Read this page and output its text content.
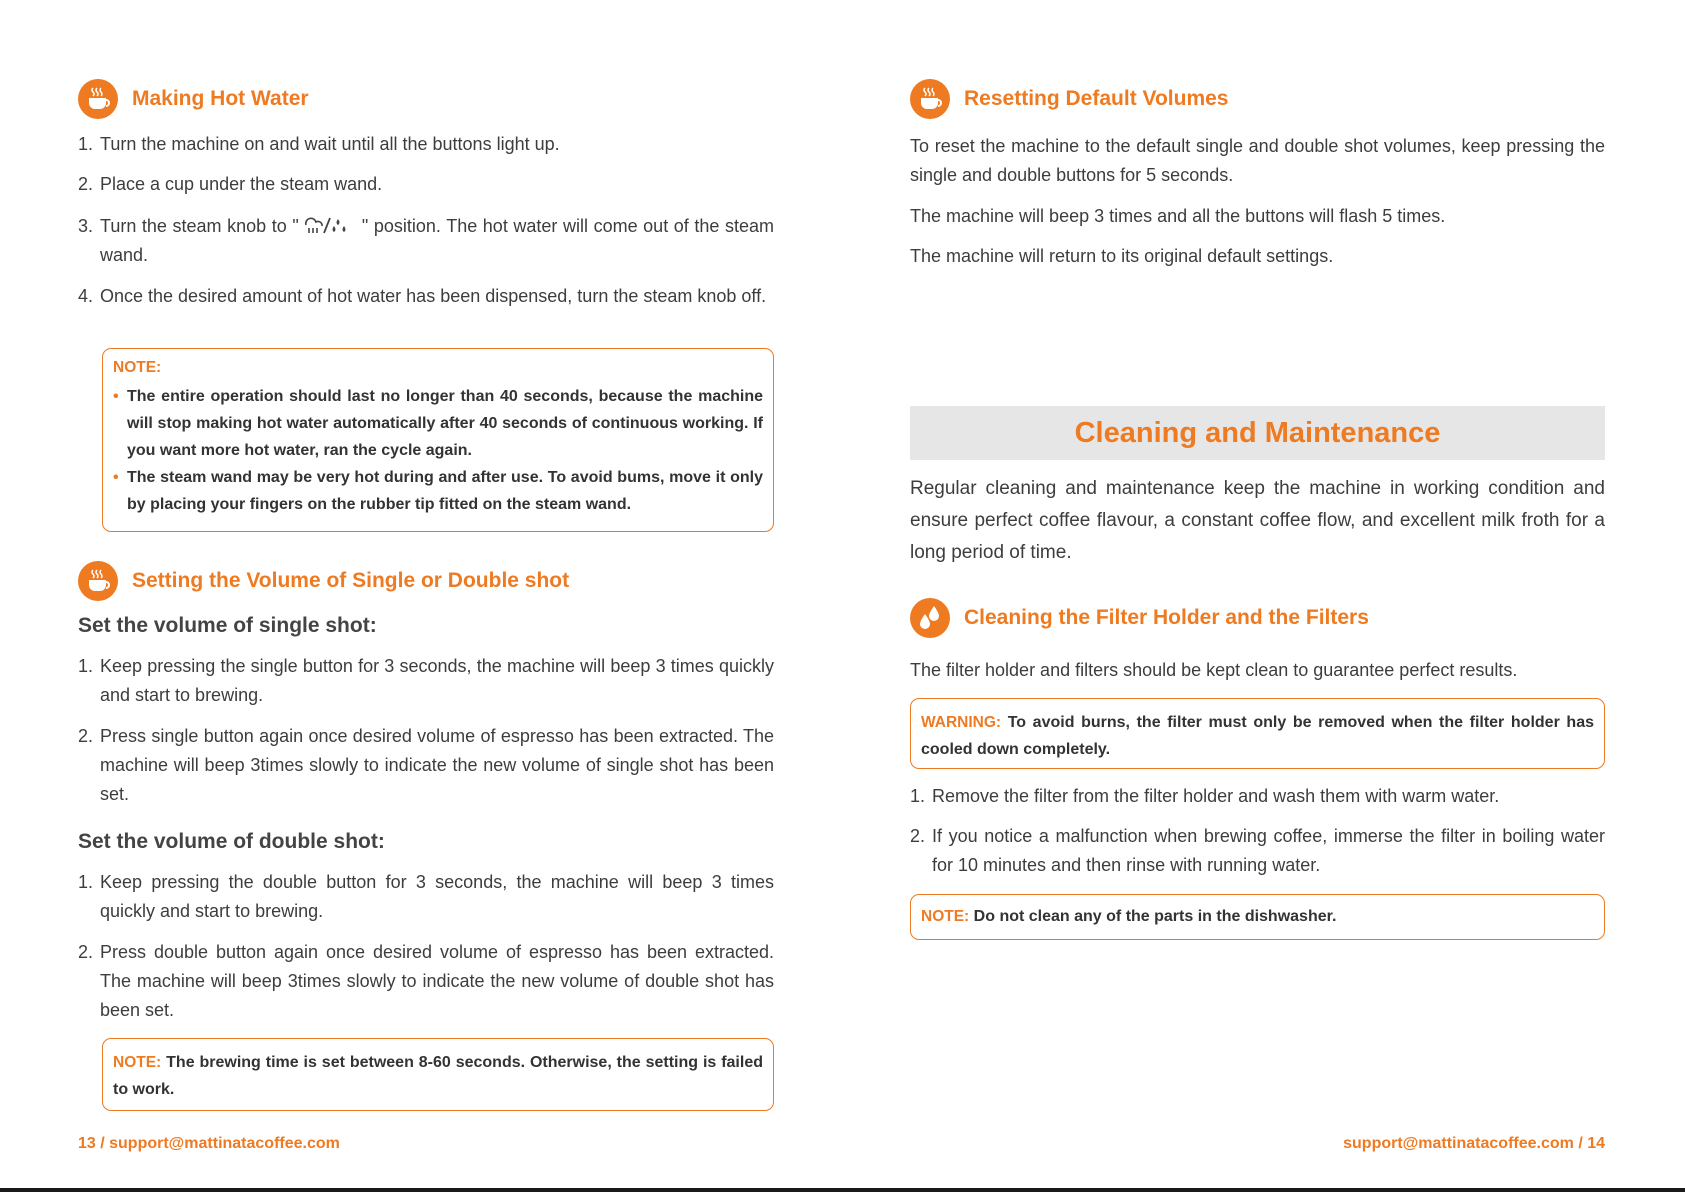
Making Hot Water
1. Turn the machine on and wait until all the buttons light up.
2. Place a cup under the steam wand.
3. Turn the steam knob to "	" position. The hot water will come out of the steam wand.
4. Once the desired amount of hot water has been dispensed, turn the steam knob off.
NOTE:
• The entire operation should last no longer than 40 seconds, because the machine will stop making hot water automatically after 40 seconds of continuous working. If you want more hot water, ran the cycle again.
• The steam wand may be very hot during and after use. To avoid bums, move it only by placing your fingers on the rubber tip fitted on the steam wand.
Setting the Volume of Single or Double shot
Set the volume of single shot:
1. Keep pressing the single button for 3 seconds, the machine will beep 3 times quickly and start to brewing.
2. Press single button again once desired volume of espresso has been extracted. The machine will beep 3times slowly to indicate the new volume of single shot has been set.
Set the volume of double shot:
1. Keep pressing the double button for 3 seconds, the machine will beep 3 times quickly and start to brewing.
2. Press double button again once desired volume of espresso has been extracted. The machine will beep 3times slowly to indicate the new volume of double shot has been set.
NOTE: The brewing time is set between 8-60 seconds. Otherwise, the setting is failed to work.
13 / support@mattinatacoffee.com
Resetting Default Volumes
To reset the machine to the default single and double shot volumes, keep pressing the single and double buttons for 5 seconds.
The machine will beep 3 times and all the buttons will flash 5 times.
The machine will return to its original default settings.
Cleaning and Maintenance
Regular cleaning and maintenance keep the machine in working condition and ensure perfect coffee flavour, a constant coffee flow, and excellent milk froth for a long period of time.
Cleaning the Filter Holder and the Filters
The filter holder and filters should be kept clean to guarantee perfect results.
WARNING: To avoid burns, the filter must only be removed when the filter holder has cooled down completely.
1. Remove the filter from the filter holder and wash them with warm water.
2. If you notice a malfunction when brewing coffee, immerse the filter in boiling water for 10 minutes and then rinse with running water.
NOTE: Do not clean any of the parts in the dishwasher.
support@mattinatacoffee.com / 14
